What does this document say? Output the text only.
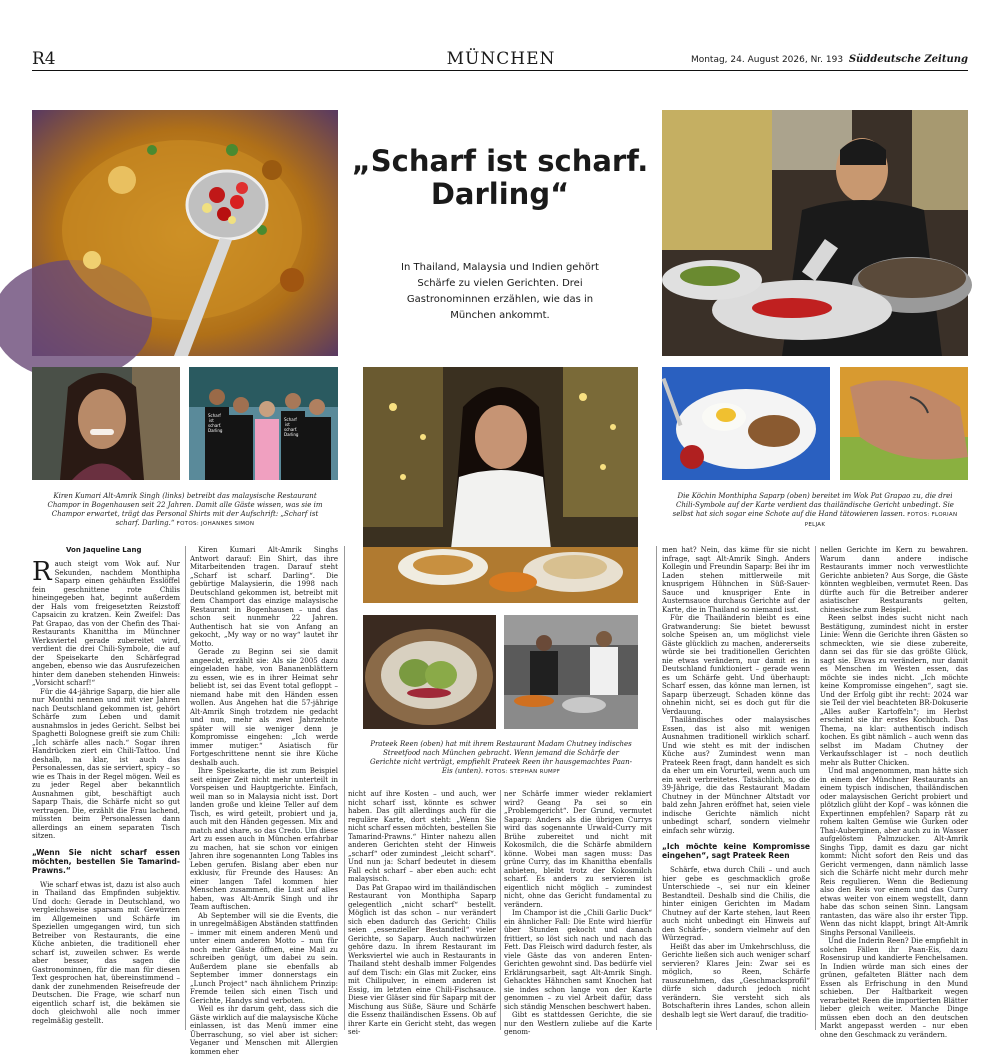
R4	MÜNCHEN	Montag, 24. August 2026, Nr. 193 Süddeutsche Zeitung
„Scharf ist scharf. Darling“
In Thailand, Malaysia und Indien gehört Schärfe zu vielen Gerichten. Drei Gastronominnen erzählen, wie das in München ankommt.
Scharf
ist
scharf.
Darling
Scharf
ist
scharf.
Darling
Kiren Kumari Alt-Amrik Singh (links) betreibt das malaysische Restaurant Champor in Bogenhausen seit 22 Jahren. Damit alle Gäste wissen, was sie im Champor erwartet, trägt das Personal Shirts mit der Aufschrift: „Scharf ist scharf. Darling.“ FOTOS: JOHANNES SIMON
Prateek Reen (oben) hat mit ihrem Restaurant Madam Chutney indisches Streetfood nach München gebracht. Wenn jemand die Schärfe der Gerichte nicht verträgt, empfiehlt Prateek Reen ihr hausgemachtes Paan-Eis (unten). FOTOS: STEPHAN RUMPF
Die Köchin Monthipha Saparp (oben) bereitet im Wok Pat Grapao zu, die drei Chili-Symbole auf der Karte verdient das thailändische Gericht unbedingt. Sie selbst hat sich sogar eine Schote auf die Hand tätowieren lassen. FOTOS: FLORIAN PELJAK
Von Jaqueline Lang
R auch steigt vom Wok auf. Nur Sekunden, nachdem Monthipha Saparp einen gehäuften Esslöffel fein geschnittene rote Chilis hineingegeben hat, beginnt außerdem der Hals vom freigesetzten Reizstoff Capsaicin zu kratzen. Kein Zweifel: Das Pat Grapao, das von der Chefin des Thai-Restaurants Khanittha im Münchner Werksviertel gerade zubereitet wird, verdient die drei Chili-Symbole, die auf der Speisekarte den Schärfegrad angeben, ebenso wie das Ausrufezeichen hinter dem daneben stehenden Hinweis: „Vorsicht scharf!“

Für die 44-jährige Saparp, die hier alle nur Monthi nennen und mit vier Jahren nach Deutschland gekommen ist, gehört Schärfe zum Leben und damit ausnahmslos in jedes Gericht. Selbst bei Spaghetti Bolognese greift sie zum Chili: „Ich schärfe alles nach.“ Sogar ihren Handrücken ziert ein Chili-Tattoo. Und deshalb, na klar, ist auch das Personalessen, das sie serviert, spicy – so wie es Thais in der Regel mögen. Weil es zu jeder Regel aber bekanntlich Ausnahmen gibt, beschäftigt auch Saparp Thais, die Schärfe nicht so gut vertragen. Die, erzählt die Frau lachend, müssten beim Personalessen dann allerdings an einem separaten Tisch sitzen.

„Wenn Sie nicht scharf essen möchten, bestellen Sie Tamarind-Prawns.“

Wie scharf etwas ist, dazu ist also auch in Thailand das Empfinden subjektiv. Und doch: Gerade in Deutschland, wo vergleichsweise sparsam mit Gewürzen im Allgemeinen und Schärfe im Speziellen umgegangen wird, tun sich Betreiber von Restaurants, die eine Küche anbieten, die traditionell eher scharf ist, zuweilen schwer. Es werde aber besser, das sagen die Gastronominnen, für die man für diesen Text gesprochen hat, übereinstimmend – dank der zunehmenden Reisefreude der Deutschen. Die Frage, wie scharf nun eigentlich scharf ist, die bekämen sie doch gleichwohl alle noch immer regelmäßig gestellt.

Kiren Kumari Alt-Amrik Singhs Antwort darauf: Ein Shirt, das ihre Mitarbeitenden tragen. Darauf steht „Scharf ist scharf. Darling“. Die gebürtige Malaysierin, die 1998 nach Deutschland gekommen ist, betreibt mit dem Champort das einzige malaysische Restaurant in Bogenhausen – und das schon seit nunmehr 22 Jahren. Authentisch hat sie von Anfang an gekocht, „My way or no way“ lautet ihr Motto.

Gerade zu Beginn sei sie damit angeeckt, erzählt sie: Als sie 2005 dazu eingeladen habe, von Bananenblättern zu essen, wie es in ihrer Heimat sehr beliebt ist, sei das Event total gefloppt – niemand habe mit den Händen essen wollen. Aus Angehen hat die 57-jährige Alt-Amrik Singh trotzdem nie gedacht und nun, mehr als zwei Jahrzehnte später will sie weniger denn je Kompromisse eingehen: „Ich werde immer mutiger.“ Asiatisch für Fortgeschrittene nennt sie ihre Küche deshalb auch.

Ihre Speisekarte, die ist zum Beispiel seit einiger Zeit nicht mehr unterteilt in Vorspeisen und Hauptgerichte. Einfach, weil man so in Malaysia nicht isst. Dort landen große und kleine Teller auf dem Tisch, es wird geteilt, probiert und ja, auch mit den Händen gegessen. Mix and match and share, so das Credo. Um diese Art zu essen auch in München erfahrbar zu machen, hat sie schon vor einigen Jahren ihre sogenannten Long Tables ins Leben gerufen. Bislang aber eben nur exklusiv, für Freunde des Hauses: An einer langen Tafel kommen hier Menschen zusammen, die Lust auf alles haben, was Alt-Amrik Singh und ihr Team auftischen.

Ab September will sie die Events, die in unregelmäßigen Abständen stattfinden – immer mit einem anderen Menü und unter einem anderen Motto – nun für noch mehr Gäste öffnen, eine Mail zu schreiben genügt, um dabei zu sein. Außerdem plane sie ebenfalls ab September immer donnerstags ein „Lunch Project“ nach ähnlichem Prinzip: Fremde teilen sich einen Tisch und Gerichte, Handys sind verboten.

Weil es ihr darum geht, dass sich die Gäste wirklich auf die malaysische Küche einlassen, ist das Menü immer eine Überraschung, so viel aber ist sicher: Veganer und Menschen mit Allergien kommen eher

nicht auf ihre Kosten – und auch, wer nicht scharf isst, könnte es schwer haben. Das gilt allerdings auch für die reguläre Karte, dort steht: „Wenn Sie nicht scharf essen möchten, bestellen Sie Tamarind-Prawns.“ Hinter nahezu allen anderen Gerichten steht der Hinweis „scharf“ oder zumindest „leicht scharf“. Und nun ja: Scharf bedeutet in diesem Fall echt scharf – aber eben auch: echt malaysisch.

Das Pat Grapao wird im thailändischen Restaurant von Monthipha Saparp gelegentlich „nicht scharf“ bestellt. Möglich ist das schon – nur verändert sich eben dadurch das Gericht: Chilis seien „essenzieller Bestandteil“ vieler Gerichte, so Saparp. Auch nachwürzen gehöre dazu. In ihrem Restaurant im Werksviertel wie auch in Restaurants in Thailand steht deshalb immer Folgendes auf dem Tisch: ein Glas mit Zucker, eins mit Chilipulver, in einem anderen ist Essig, im letzten eine Chili-Fischsauce. Diese vier Gläser sind für Saparp mit der Mischung aus Süße, Säure und Schärfe die Essenz thailändischen Essens. Ob auf ihrer Karte ein Gericht steht, das wegen sei-

ner Schärfe immer wieder reklamiert wird? Geang Pa sei so ein „Problemgericht“. Der Grund, vermutet Saparp: Anders als die übrigen Currys wird das sogenannte Urwald-Curry mit Brühe zubereitet und nicht mit Kokosmilch, die die Schärfe abmildern könne. Wobei man sagen muss: Das grüne Curry, das im Khanittha ebenfalls anbieten, bleibt trotz der Kokosmilch scharf. Es anders zu servieren ist eigentlich nicht möglich – zumindest nicht, ohne das Gericht fundamental zu verändern.

Im Champor ist die „Chili Garlic Duck“ ein ähnlicher Fall: Die Ente wird hierfür über Stunden gekocht und danach frittiert, so löst sich nach und nach das Fett. Das Fleisch wird dadurch fester, als viele Gäste das von anderen Enten-Gerichten gewohnt sind. Das bedürfe viel Erklärungsarbeit, sagt Alt-Amrik Singh. Gehacktes Hähnchen samt Knochen hat sie indes schon lange von der Karte genommen – zu viel Arbeit dafür, dass sich ständig Menschen beschwert haben.

Gibt es stattdessen Gerichte, die sie nur den Westlern zuliebe auf die Karte genom-

men hat? Nein, das käme für sie nicht infrage, sagt Alt-Amrik Singh. Anders Kollegin und Freundin Saparp: Bei ihr im Laden stehen mittlerweile mit knusprigem Hühnchen in Süß-Sauer-Sauce und knuspriger Ente in Austernsauce durchaus Gerichte auf der Karte, die in Thailand so niemand isst.

Für die Thailänderin bleibt es eine Gratwanderung: Sie bietet bewusst solche Speisen an, um möglichst viele Gäste glücklich zu machen, andererseits würde sie bei traditionellen Gerichten nie etwas verändern, nur damit es in Deutschland funktioniert – gerade wenn es um Schärfe geht. Und überhaupt: Scharf essen, das könne man lernen, ist Saparp überzeugt. Schaden könne das ohnehin nicht, sei es doch gut für die Verdauung.

Thailändisches oder malaysisches Essen, das ist also mit wenigen Ausnahmen traditionell wirklich scharf. Und wie steht es mit der indischen Küche aus? Zumindest wenn man Prateek Reen fragt, dann handelt es sich da eher um ein Vorurteil, wenn auch um ein weit verbreitetes. Tatsächlich, so die 39-Jährige, die das Restaurant Madam Chutney in der Münchner Altstadt vor bald zehn Jahren eröffnet hat, seien viele indische Gerichte nämlich nicht unbedingt scharf, sondern vielmehr einfach sehr würzig.

„Ich möchte keine Kompromisse eingehen“, sagt Prateek Reen

Schärfe, etwa durch Chili – und auch hier gebe es geschmacklich große Unterschiede –, sei nur ein kleiner Bestandteil. Deshalb sind die Chilis, die hinter einigen Gerichten im Madam Chutney auf der Karte stehen, laut Reen auch nicht unbedingt ein Hinweis auf den Schärfe-, sondern vielmehr auf den Würzegrad.

Heißt das aber im Umkehrschluss, die Gerichte ließen sich auch weniger scharf servieren? Klares Jein: Zwar sei es möglich, so Reen, Schärfe rauszunehmen, das „Geschmacksprofil“ dürfe sich dadurch jedoch nicht verändern. Sie versteht sich als Botschafterin ihres Landes, schon allein deshalb legt sie Wert darauf, die traditio-

nellen Gerichte im Kern zu bewahren. Warum dann andere indische Restaurants immer noch verwestlichte Gerichte anbieten? Aus Sorge, die Gäste könnten wegbleiben, vermutet Reen. Das dürfte auch für die Betreiber anderer asiatischer Restaurants gelten, chinesische zum Beispiel.

Reen selbst indes sucht nicht nach Bestätigung, zumindest nicht in erster Linie: Wenn die Gerichte ihren Gästen so schmeckten, wie sie diese zubereite, dann sei das für sie das größte Glück, sagt sie. Etwas zu verändern, nur damit es Menschen im Westen essen, das möchte sie indes nicht. „Ich möchte keine Kompromisse eingehen“, sagt sie. Und der Erfolg gibt ihr recht: 2024 war sie Teil der viel beachteten BR-Dokuserie „Alles außer Kartoffeln“; im Herbst erscheint sie ihr erstes Kochbuch. Das Thema, na klar: authentisch indisch kochen. Es gibt nämlich – auch wenn das selbst im Madam Chutney der Verkaufsschlager ist – noch deutlich mehr als Butter Chicken.

Und mal angenommen, man hätte sich in einem der Münchner Restaurants an einem typisch indischen, thailändischen oder malaysischen Gericht probiert und plötzlich glüht der Kopf – was können die Expertinnen empfehlen? Saparp rät zu rohem kalten Gemüse wie Gurken oder Thai-Auberginen, aber auch zu in Wasser aufgelöstem Palmzucker. Alt-Amrik Singhs Tipp, damit es dazu gar nicht kommt: Nicht sofort den Reis und das Gericht vermengen, dann nämlich lasse sich die Schärfe nicht mehr durch mehr Reis regulieren. Wenn die Bedienung also den Reis vor einem und das Curry etwas weiter von einem wegstellt, dann habe das schon seinen Sinn. Langsam rantasten, das wäre also ihr erster Tipp. Wenn das nicht klappt, bringt Alt-Amrik Singhs Personal Vanilleeis.

Und die Inderin Reen? Die empfiehlt in solchen Fällen ihr Paan-Eis, dazu Rosensirup und kandierte Fenchelsamen. In Indien würde man sich eines der grünen, gefalteten Blätter nach dem Essen als Erfrischung in den Mund schieben. Der Haltbarkeit wegen verarbeitet Reen die importierten Blätter lieber gleich weiter. Manche Dinge müssen eben doch an den deutschen Markt angepasst werden – nur eben ohne den Geschmack zu verändern.
